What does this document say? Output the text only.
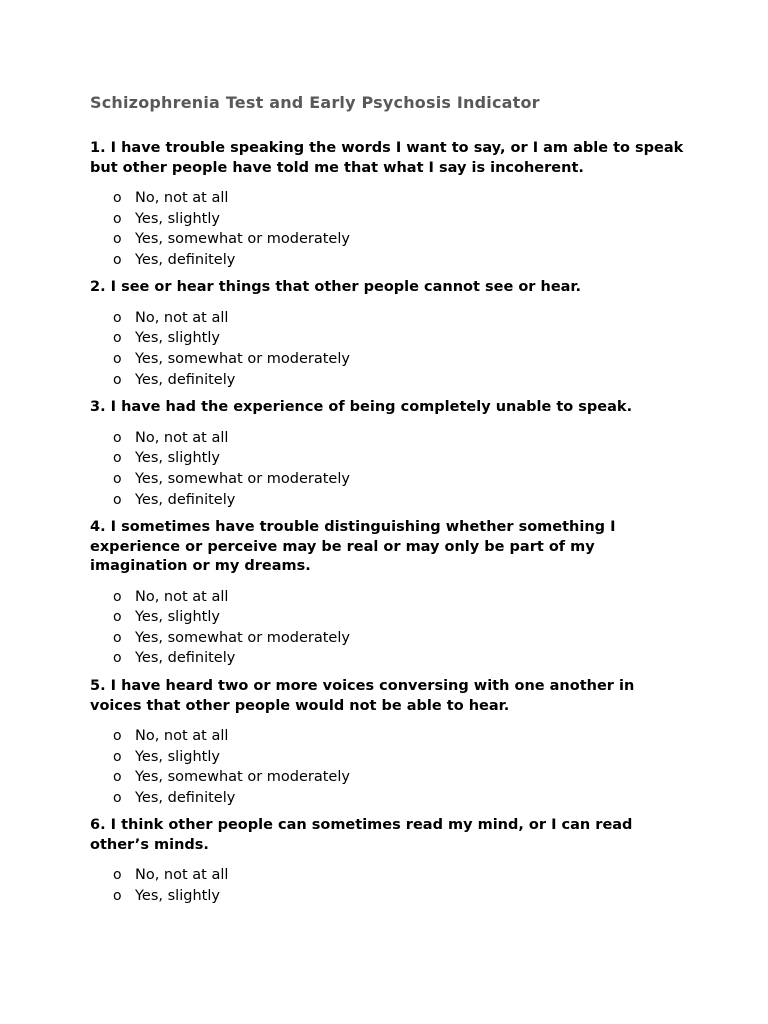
Schizophrenia Test and Early Psychosis Indicator

1. I have trouble speaking the words I want to say, or I am able to speak but other people have told me that what I say is incoherent.

o No, not at all
o Yes, slightly
o Yes, somewhat or moderately
o Yes, definitely

2. I see or hear things that other people cannot see or hear.

o No, not at all
o Yes, slightly
o Yes, somewhat or moderately
o Yes, definitely

3. I have had the experience of being completely unable to speak.

o No, not at all
o Yes, slightly
o Yes, somewhat or moderately
o Yes, definitely

4. I sometimes have trouble distinguishing whether something I experience or perceive may be real or may only be part of my imagination or my dreams.

o No, not at all
o Yes, slightly
o Yes, somewhat or moderately
o Yes, definitely

5. I have heard two or more voices conversing with one another in voices that other people would not be able to hear.

o No, not at all
o Yes, slightly
o Yes, somewhat or moderately
o Yes, definitely

6. I think other people can sometimes read my mind, or I can read other’s minds.

o No, not at all
o Yes, slightly
